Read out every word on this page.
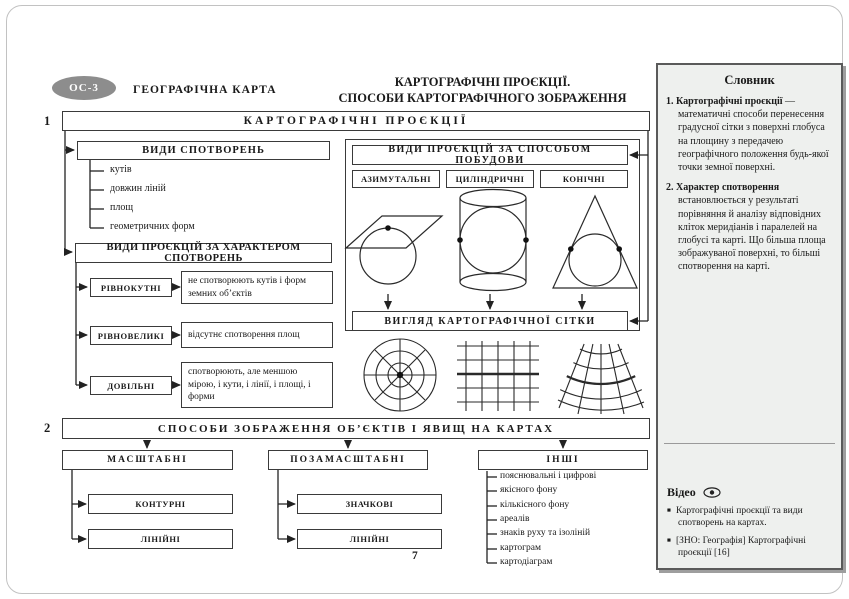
ОС-3	ГЕОГРАФІЧНА КАРТА
КАРТОГРАФІЧНІ ПРОЄКЦІЇ.
СПОСОБИ КАРТОГРАФІЧНОГО ЗОБРАЖЕННЯ
1	КАРТОГРАФІЧНІ ПРОЄКЦІЇ
ВИДИ СПОТВОРЕНЬ
кутів
довжин ліній
площ
геометричних форм
ВИДИ ПРОЄКЦІЙ ЗА ХАРАКТЕРОМ СПОТВОРЕНЬ
РІВНОКУТНІ
не спотворюють кутів і форм земних об’єктів
РІВНОВЕЛИКІ	відсутнє спотворення площ
ДОВІЛЬНІ
спотворюють, але меншою мірою, і кути, і лінії, і площі, і форми
ВИДИ ПРОЄКЦІЙ ЗА СПОСОБОМ ПОБУДОВИ
АЗИМУТАЛЬНІ	ЦИЛІНДРИЧНІ	КОНІЧНІ
ВИГЛЯД КАРТОГРАФІЧНОЇ СІТКИ
2	СПОСОБИ ЗОБРАЖЕННЯ ОБ’ЄКТІВ І ЯВИЩ НА КАРТАХ
МАСШТАБНІ	ПОЗАМАСШТАБНІ	ІНШІ
КОНТУРНІ
ЛІНІЙНІ
ЗНАЧКОВІ
ЛІНІЙНІ
пояснювальні і цифрові
якісного фону
кількісного фону
ареалів
знаків руху та ізоліній
картограм
картодіаграм
7
Словник
1. Картографічні проєкції — математичні способи перенесення градусної сітки з поверхні глобуса на площину з передачею географічного положення будь-якої точки земної поверхні.
2. Характер спотворення встановлюється у результаті порівняння й аналізу відповідних кліток меридіанів і паралелей на глобусі та карті. Що більша площа зображуваної поверхні, то більші спотворення на карті.
Відео
■ Картографічні проєкції та види спотворень на картах.
■ [ЗНО: Географія] Картографічні проєкції [16]
